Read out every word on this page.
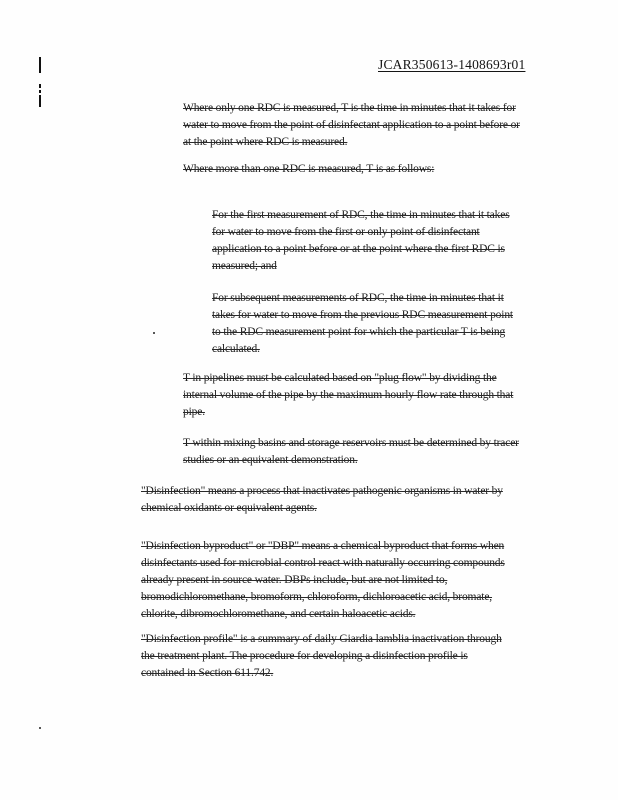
JCAR350613-1408693r01
Where only one RDC is measured, T is the time in minutes that it takes for
water to move from the point of disinfectant application to a point before or
at the point where RDC is measured.
Where more than one RDC is measured, T is as follows:
For the first measurement of RDC, the time in minutes that it takes
for water to move from the first or only point of disinfectant
application to a point before or at the point where the first RDC is
measured; and
For subsequent measurements of RDC, the time in minutes that it
takes for water to move from the previous RDC measurement point
to the RDC measurement point for which the particular T is being
calculated.
T in pipelines must be calculated based on "plug flow" by dividing the
internal volume of the pipe by the maximum hourly flow rate through that
pipe.
T within mixing basins and storage reservoirs must be determined by tracer
studies or an equivalent demonstration.
"Disinfection" means a process that inactivates pathogenic organisms in water by
chemical oxidants or equivalent agents.
"Disinfection byproduct" or "DBP" means a chemical byproduct that forms when
disinfectants used for microbial control react with naturally occurring compounds
already present in source water. DBPs include, but are not limited to,
bromodichloromethane, bromoform, chloroform, dichloroacetic acid, bromate,
chlorite, dibromochloromethane, and certain haloacetic acids.
"Disinfection profile" is a summary of daily Giardia lamblia inactivation through
the treatment plant. The procedure for developing a disinfection profile is
contained in Section 611.742.
